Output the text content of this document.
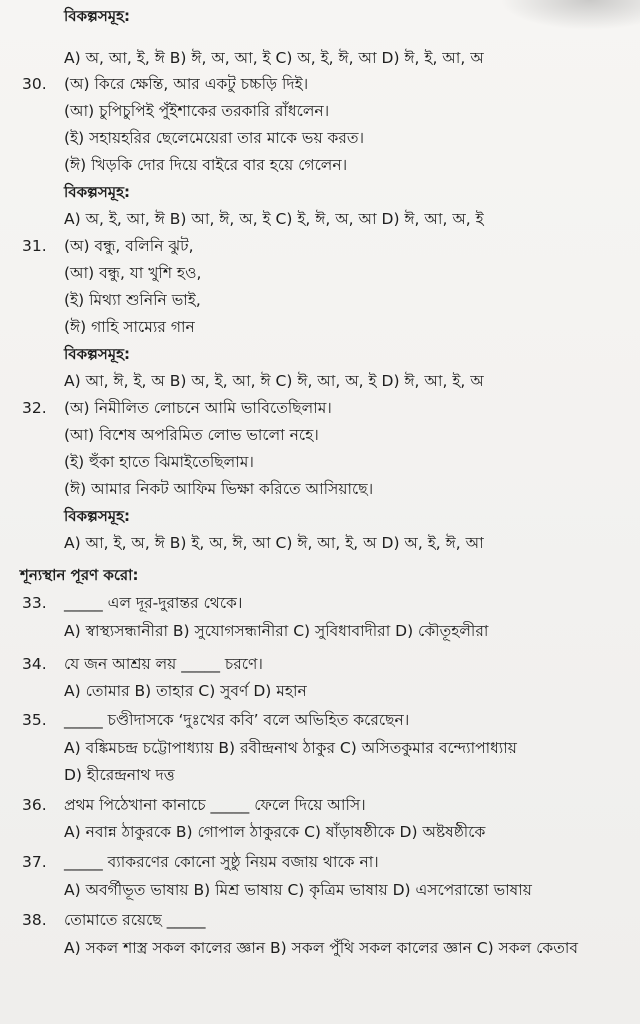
বিকল্পসমূহ:
A) অ, আ, ই, ঈ B) ঈ, অ, আ, ই C) অ, ই, ঈ, আ D) ঈ, ই, আ, অ
30. (অ) কিরে ক্ষেন্তি, আর একটু চচ্চড়ি দিই।
(আ) চুপিচুপিই পুঁইশাকের তরকারি রাঁধলেন।
(ই) সহায়হরির ছেলেমেয়েরা তার মাকে ভয় করত।
(ঈ) খিড়কি দোর দিয়ে বাইরে বার হয়ে গেলেন।
বিকল্পসমূহ:
A) অ, ই, আ, ঈ B) আ, ঈ, অ, ই C) ই, ঈ, অ, আ D) ঈ, আ, অ, ই
31. (অ) বন্ধু, বলিনি ঝুট,
(আ) বন্ধু, যা খুশি হও,
(ই) মিথ্যা শুনিনি ভাই,
(ঈ) গাহি সাম্যের গান
বিকল্পসমূহ:
A) আ, ঈ, ই, অ B) অ, ই, আ, ঈ C) ঈ, আ, অ, ই D) ঈ, আ, ই, অ
32. (অ) নিমীলিত লোচনে আমি ভাবিতেছিলাম।
(আ) বিশেষ অপরিমিত লোভ ভালো নহে।
(ই) হুঁকা হাতে ঝিমাইতেছিলাম।
(ঈ) আমার নিকট আফিম ভিক্ষা করিতে আসিয়াছে।
বিকল্পসমূহ:
A) আ, ই, অ, ঈ B) ই, অ, ঈ, আ C) ঈ, আ, ই, অ D) অ, ই, ঈ, আ
শূন্যস্থান পূরণ করো:
33. _____ এল দূর-দুরান্তর থেকে।
A) স্বাস্থ্যসন্ধানীরা B) সুযোগসন্ধানীরা C) সুবিধাবাদীরা D) কৌতূহলীরা
34. যে জন আশ্রয় লয় _____ চরণে।
A) তোমার B) তাহার C) সুবর্ণ D) মহান
35. _____ চণ্ডীদাসকে ‘দুঃখের কবি’ বলে অভিহিত করেছেন।
A) বঙ্কিমচন্দ্র চট্টোপাধ্যায় B) রবীন্দ্রনাথ ঠাকুর C) অসিতকুমার বন্দ্যোপাধ্যায়
D) হীরেন্দ্রনাথ দত্ত
36. প্রথম পিঠেখানা কানাচে _____ ফেলে দিয়ে আসি।
A) নবান্ন ঠাকুরকে B) গোপাল ঠাকুরকে C) ষাঁড়াষষ্ঠীকে D) অষ্টষষ্ঠীকে
37. _____ ব্যাকরণের কোনো সুষ্ঠু নিয়ম বজায় থাকে না।
A) অবর্গীভূত ভাষায় B) মিশ্র ভাষায় C) কৃত্রিম ভাষায় D) এসপেরান্তো ভাষায়
38. তোমাতে রয়েছে _____
A) সকল শাস্ত্র সকল কালের জ্ঞান B) সকল পুঁথি সকল কালের জ্ঞান C) সকল কেতাব
